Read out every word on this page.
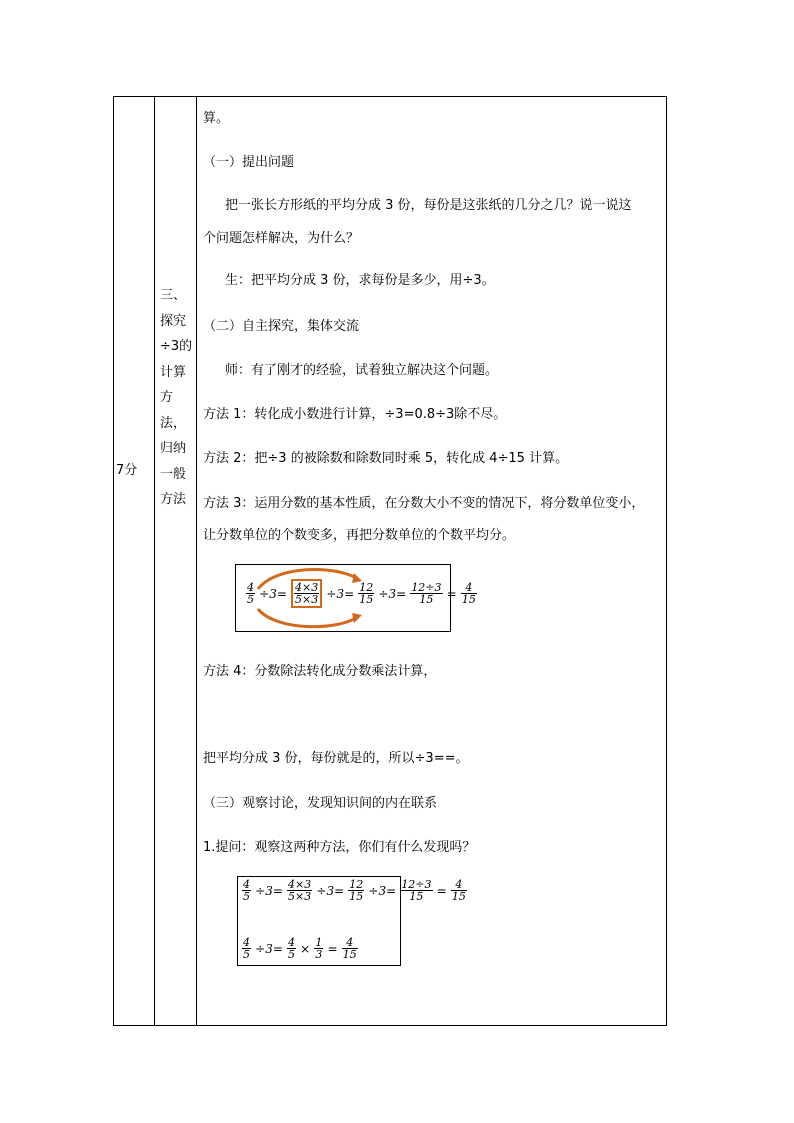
7分
三、探究÷3的计算方法，归纳一般方法
算。
（一）提出问题
把一张长方形纸的平均分成 3 份，每份是这张纸的几分之几？说一说这
个问题怎样解决，为什么？
生：把平均分成 3 份，求每份是多少，用÷3。
（二）自主探究，集体交流
师：有了刚才的经验，试着独立解决这个问题。
方法 1：转化成小数进行计算，÷3=0.8÷3除不尽。
方法 2：把÷3 的被除数和除数同时乘 5，转化成 4÷15 计算。
方法 3：运用分数的基本性质，在分数大小不变的情况下，将分数单位变小，
让分数单位的个数变多，再把分数单位的个数平均分。
$\frac{4}{5} \div 3= \frac{4\times 3}{5\times 3} \div 3= \frac{12}{15} \div 3= \frac{12\div 3}{15} = \frac{4}{15}$
方法 4：分数除法转化成分数乘法计算，
把平均分成 3 份，每份就是的，所以÷3==。
（三）观察讨论，发现知识间的内在联系
1.提问：观察这两种方法，你们有什么发现吗？
$\frac{4}{5} \div 3= \frac{4\times 3}{5\times 3} \div 3= \frac{12}{15} \div 3= \frac{12\div 3}{15} = \frac{4}{15}$
$\frac{4}{5} \div 3= \frac{4}{5} \times \frac{1}{3} = \frac{4}{15}$
